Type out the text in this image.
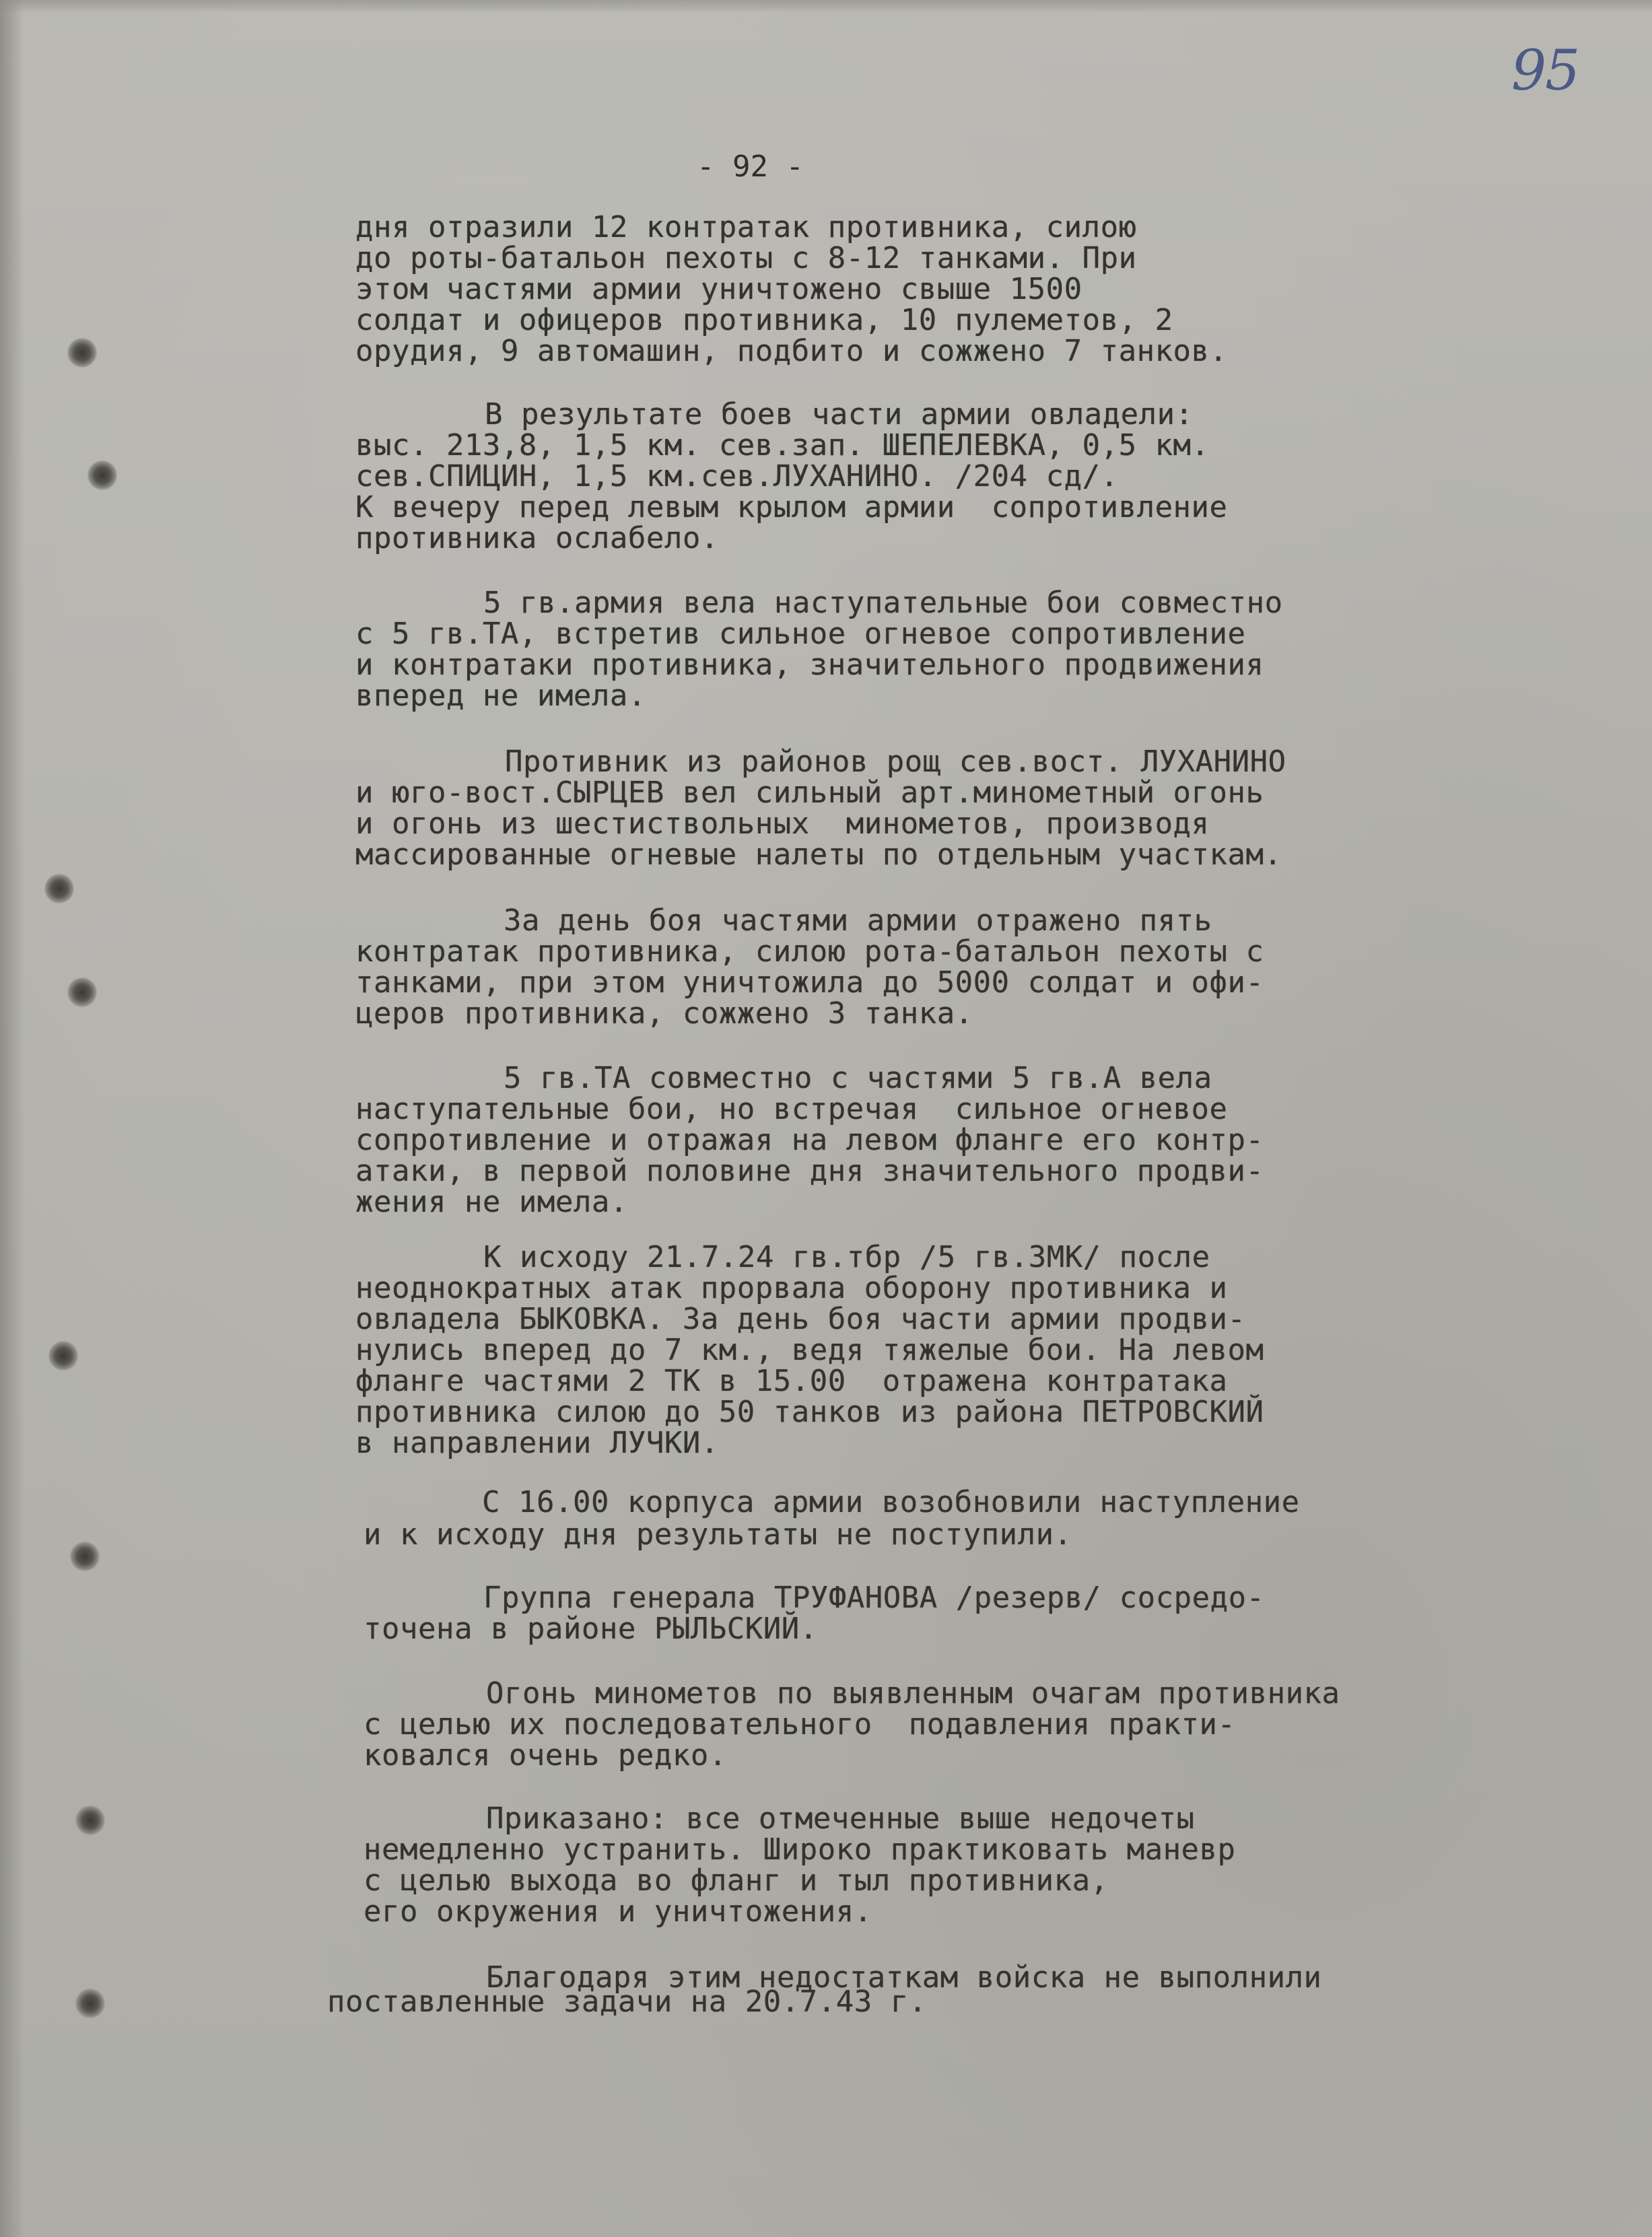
95
- 92 -
дня отразили 12 контратак противника, силою
до роты-батальон пехоты с 8-12 танками. При
этом частями армии уничтожено свыше 1500
солдат и офицеров противника, 10 пулеметов, 2
орудия, 9 автомашин, подбито и сожжено 7 танков.
В результате боев части армии овладели:
выс. 213,8, 1,5 км. сев.зап. ШЕПЕЛЕВКА, 0,5 км.
сев.СПИЦИН, 1,5 км.сев.ЛУХАНИНО. /204 сд/.
К вечеру перед левым крылом армии  сопротивление
противника ослабело.
5 гв.армия вела наступательные бои совместно
с 5 гв.ТА, встретив сильное огневое сопротивление
и контратаки противника, значительного продвижения
вперед не имела.
Противник из районов рощ сев.вост. ЛУХАНИНО
и юго-вост.СЫРЦЕВ вел сильный арт.минометный огонь
и огонь из шестиствольных  минометов, производя
массированные огневые налеты по отдельным участкам.
За день боя частями армии отражено пять
контратак противника, силою рота-батальон пехоты с
танками, при этом уничтожила до 5000 солдат и офи-
церов противника, сожжено 3 танка.
5 гв.ТА совместно с частями 5 гв.А вела
наступательные бои, но встречая  сильное огневое
сопротивление и отражая на левом фланге его контр-
атаки, в первой половине дня значительного продви-
жения не имела.
К исходу 21.7.24 гв.тбр /5 гв.ЗМК/ после
неоднократных атак прорвала оборону противника и
овладела БЫКОВКА. За день боя части армии продви-
нулись вперед до 7 км., ведя тяжелые бои. На левом
фланге частями 2 ТК в 15.00  отражена контратака
противника силою до 50 танков из района ПЕТРОВСКИЙ
в направлении ЛУЧКИ.
С 16.00 корпуса армии возобновили наступление
и к исходу дня результаты не поступили.
Группа генерала ТРУФАНОВА /резерв/ сосредо-
точена в районе РЫЛЬСКИЙ.
Огонь минометов по выявленным очагам противника
с целью их последовательного  подавления практи-
ковался очень редко.
Приказано: все отмеченные выше недочеты
немедленно устранить. Широко практиковать маневр
с целью выхода во фланг и тыл противника,
его окружения и уничтожения.
Благодаря этим недостаткам войска не выполнили
поставленные задачи на 20.7.43 г.
